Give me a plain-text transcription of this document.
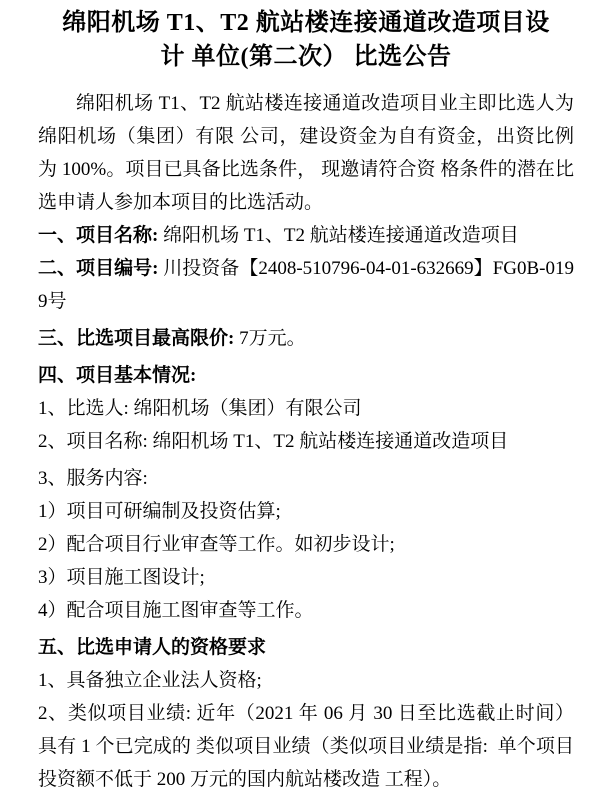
绵阳机场 T1、T2 航站楼连接通道改造项目设
计 单位(第二次） 比选公告

绵阳机场 T1、T2 航站楼连接通道改造项目业主即比选人为绵阳机场（集团）有限 公司，建设资金为自有资金，出资比例为 100%。项目已具备比选条件， 现邀请符合资 格条件的潜在比选申请人参加本项目的比选活动。

一、项目名称: 绵阳机场 T1、T2 航站楼连接通道改造项目

二、项目编号: 川投资备【2408-510796-04-01-632669】FG0B-0199号

三、比选项目最高限价: 7万元。

四、项目基本情况:

1、比选人: 绵阳机场（集团）有限公司

2、项目名称: 绵阳机场 T1、T2 航站楼连接通道改造项目

3、服务内容:

1）项目可研编制及投资估算;

2）配合项目行业审查等工作。如初步设计;

3）项目施工图设计;

4）配合项目施工图审查等工作。

五、比选申请人的资格要求

1、具备独立企业法人资格;

2、类似项目业绩: 近年（2021 年 06 月 30 日至比选截止时间）具有 1 个已完成的 类似项目业绩（类似项目业绩是指:  单个项目投资额不低于 200 万元的国内航站楼改造 工程）。
